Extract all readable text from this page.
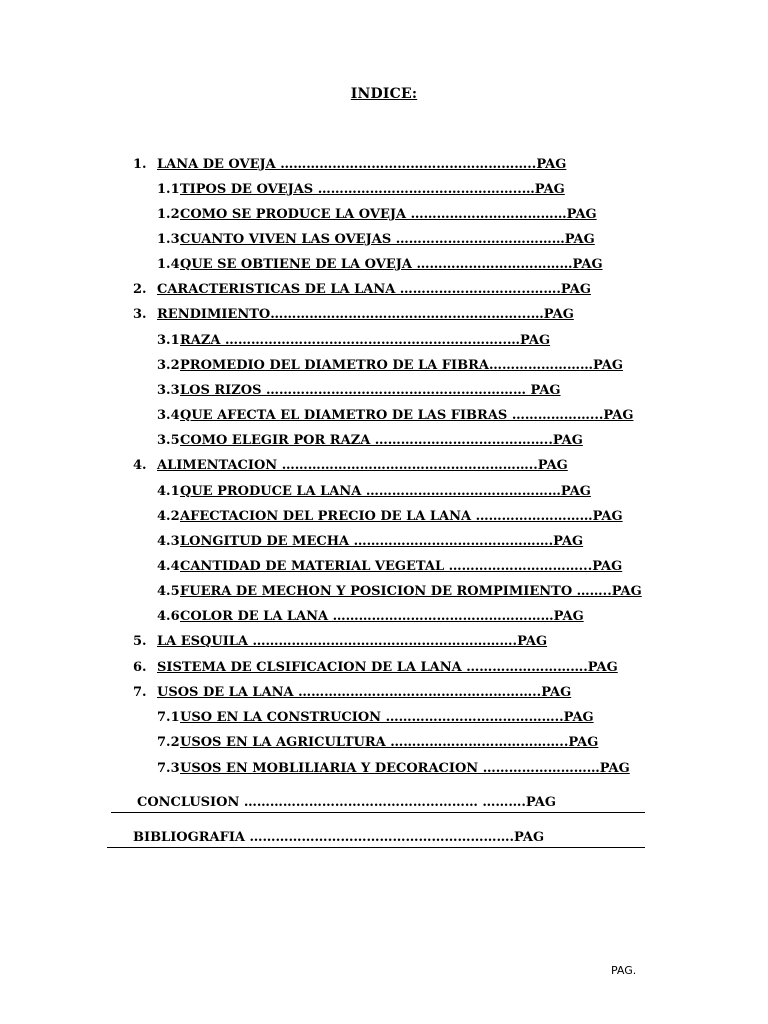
INDICE:
1. LANA DE OVEJA …………………………………………………..PAG
1.1 TIPOS DE OVEJAS ………………………………………..…PAG
1.2 COMO SE PRODUCE LA OVEJA ………………………………PAG
1.3 CUANTO VIVEN LAS OVEJAS …………………………………PAG
1.4 QUE SE OBTIENE DE LA OVEJA ………………………………PAG
2. CARACTERISTICAS DE LA LANA ………………………...…….PAG
3. RENDIMIENTO…………………………………………………...…PAG
3.1 RAZA ………………………………………………………..…PAG
3.2 PROMEDIO DEL DIAMETRO DE LA FIBRA……………………PAG
3.3 LOS RIZOS …………………………………………………… PAG
3.4 QUE AFECTA EL DIAMETRO DE LAS FIBRAS ………………...PAG
3.5 COMO ELEGIR POR RAZA …………………………………..PAG
4. ALIMENTACION …………………………………………………..PAG
4.1 QUE PRODUCE LA LANA ………………………………………PAG
4.2 AFECTACION DEL PRECIO DE LA LANA ………………………PAG
4.3 LONGITUD DE MECHA ……………………………………….PAG
4.4 CANTIDAD DE MATERIAL VEGETAL …………………………...PAG
4.5 FUERA DE MECHON Y POSICION DE ROMPIMIENTO ……..PAG
4.6 COLOR DE LA LANA ……………………………………………PAG
5. LA ESQUILA …………………………………………………….PAG
6. SISTEMA DE CLSIFICACION DE LA LANA ……………………….PAG
7. USOS DE LA LANA ………………………………………………..PAG
7.1 USO EN LA CONSTRUCION …………………………………..PAG
7.2 USOS EN LA AGRICULTURA …………………………………..PAG
7.3 USOS EN MOBLILIARIA Y DECORACION ………………………PAG
CONCLUSION ……………………………………………… ……….PAG
BIBLIOGRAFIA …………………………………………………….PAG
PAG.
